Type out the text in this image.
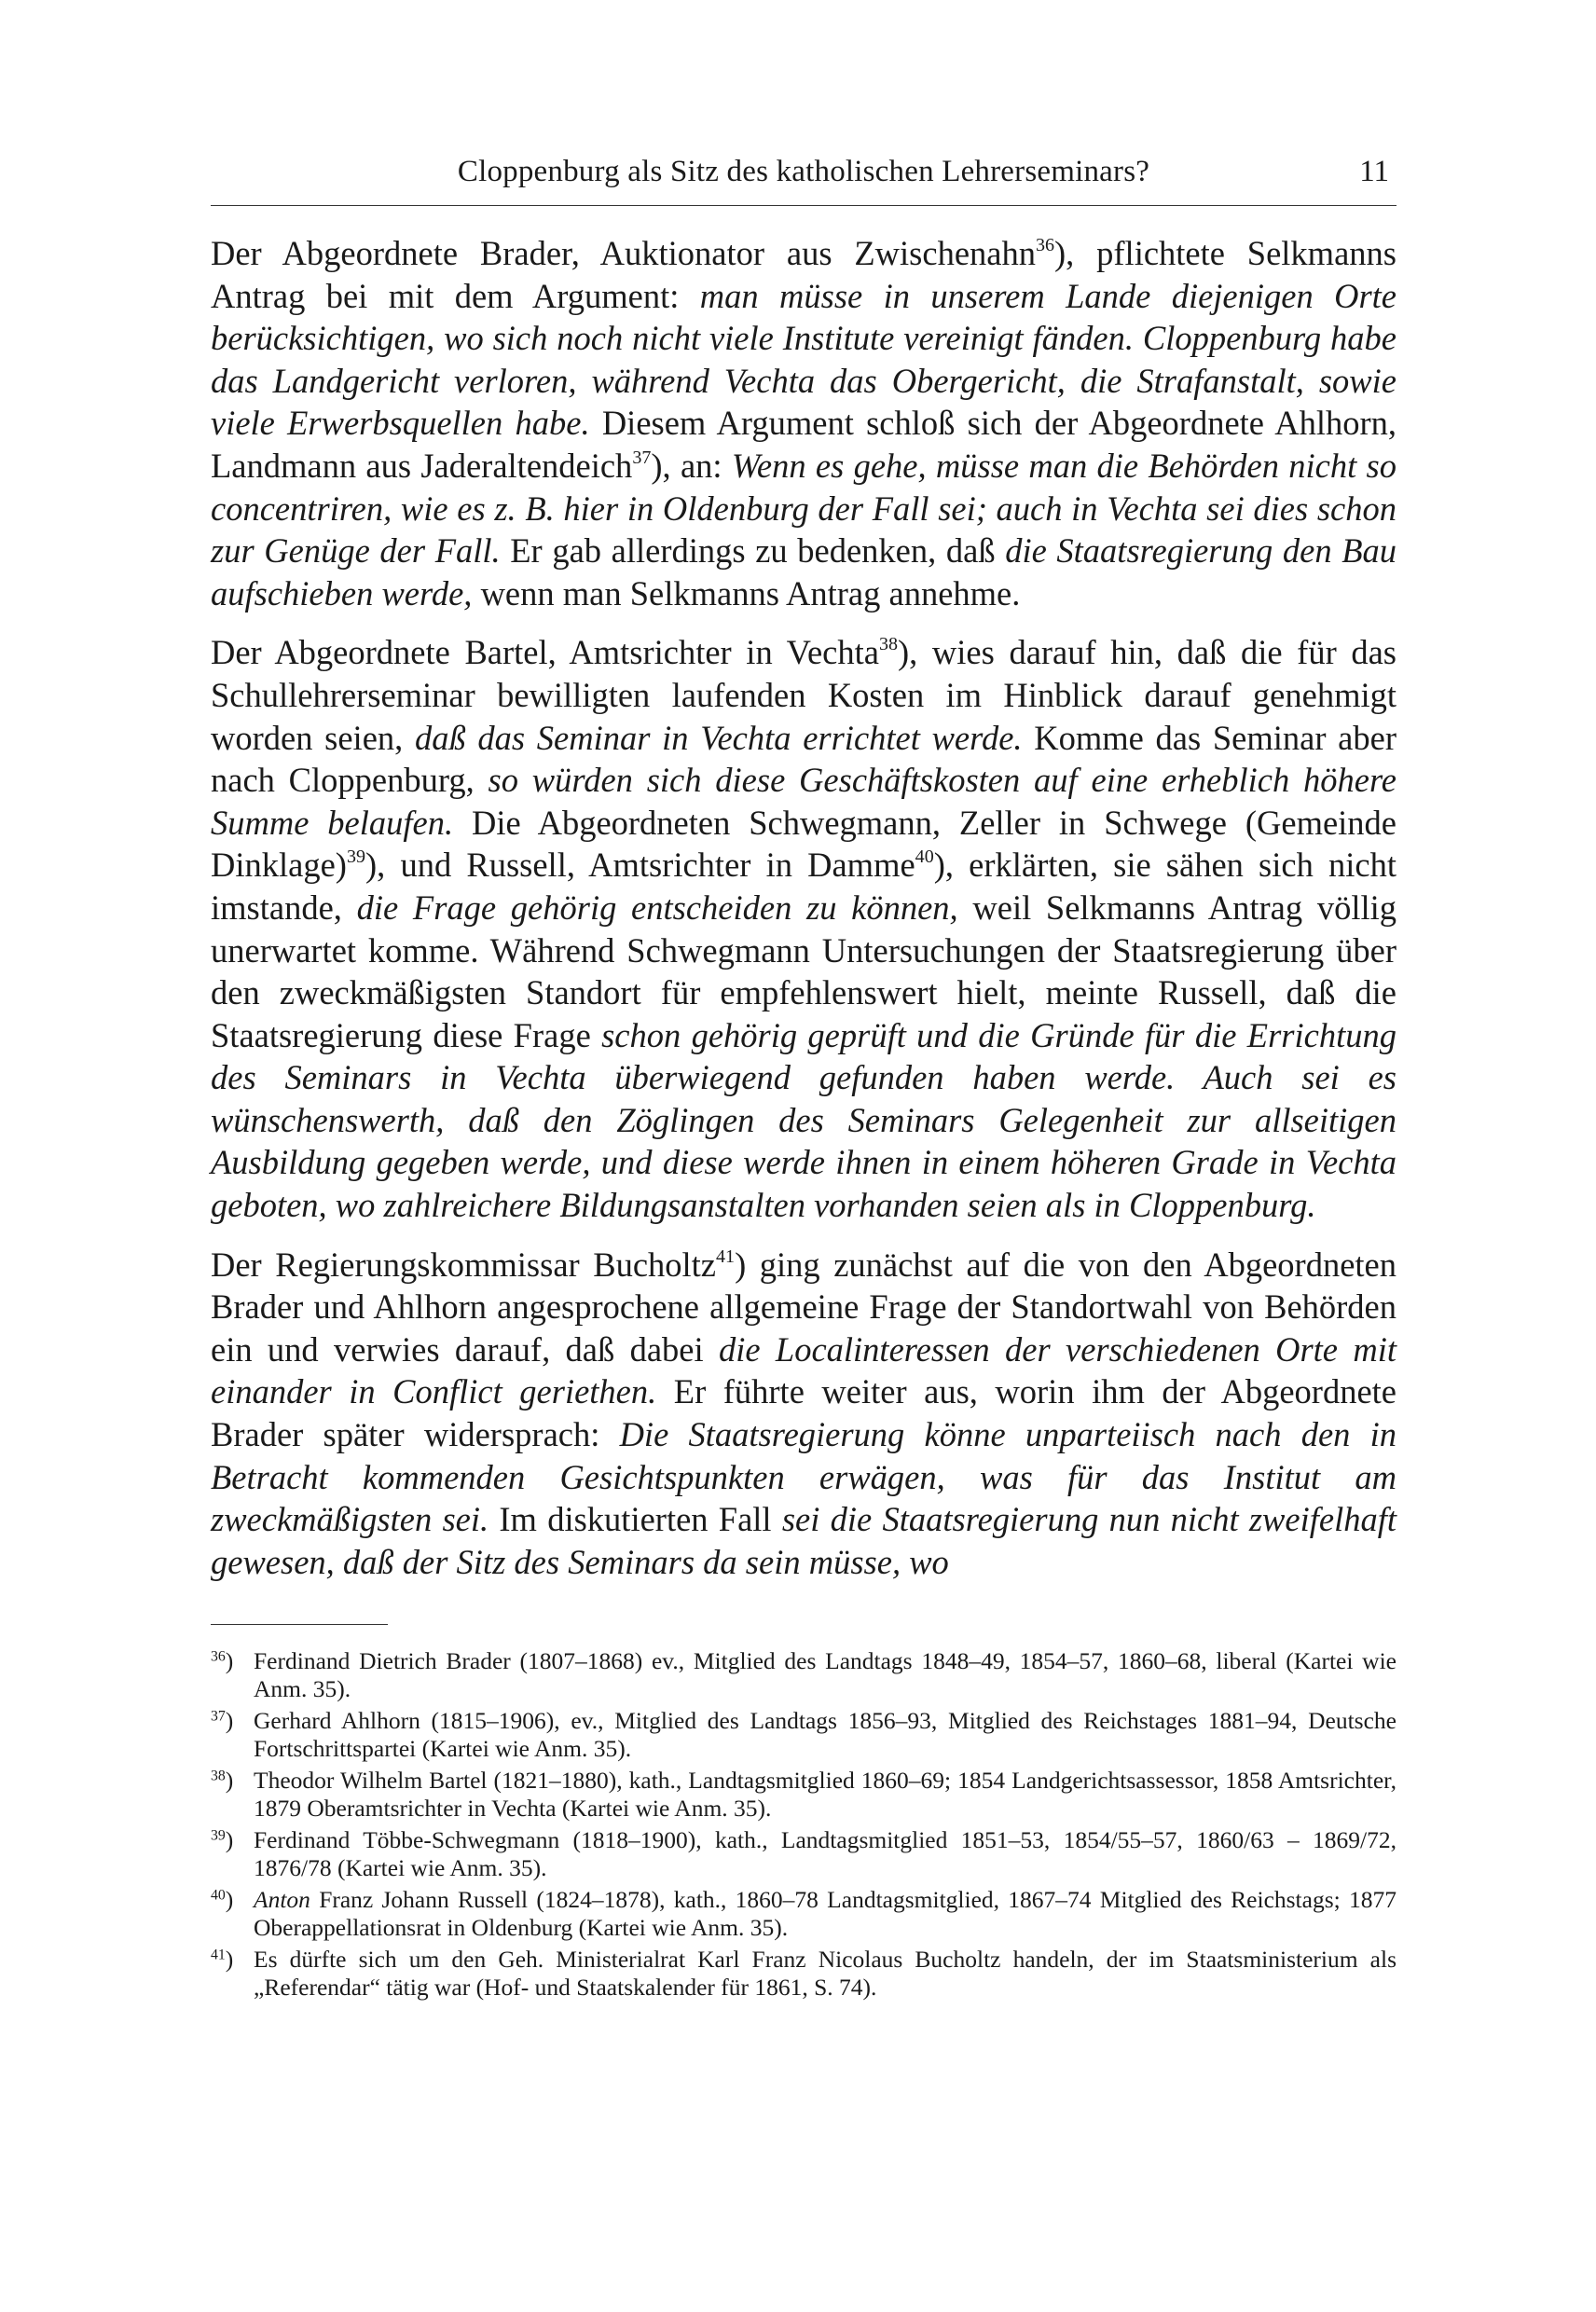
Cloppenburg als Sitz des katholischen Lehrerseminars?	11

Der Abgeordnete Brader, Auktionator aus Zwischenahn$^{36}$), pflichtete Selkmanns Antrag bei mit dem Argument: man müsse in unserem Lande diejenigen Orte berücksichtigen, wo sich noch nicht viele Institute vereinigt fänden. Cloppenburg habe das Landgericht verloren, während Vechta das Obergericht, die Strafanstalt, sowie viele Erwerbsquellen habe. Diesem Argument schloß sich der Abgeordnete Ahlhorn, Landmann aus Jaderaltendeich$^{37}$), an: Wenn es gehe, müsse man die Behörden nicht so concentriren, wie es z. B. hier in Oldenburg der Fall sei; auch in Vechta sei dies schon zur Genüge der Fall. Er gab allerdings zu bedenken, daß die Staatsregierung den Bau aufschieben werde, wenn man Selkmanns Antrag annehme.

Der Abgeordnete Bartel, Amtsrichter in Vechta$^{38}$), wies darauf hin, daß die für das Schullehrerseminar bewilligten laufenden Kosten im Hinblick darauf genehmigt worden seien, daß das Seminar in Vechta errichtet werde. Komme das Seminar aber nach Cloppenburg, so würden sich diese Geschäftskosten auf eine erheblich höhere Summe belaufen. Die Abgeordneten Schwegmann, Zeller in Schwege (Gemeinde Dinklage)$^{39}$), und Russell, Amtsrichter in Damme$^{40}$), erklärten, sie sähen sich nicht imstande, die Frage gehörig entscheiden zu können, weil Selkmanns Antrag völlig unerwartet komme. Während Schwegmann Untersuchungen der Staatsregierung über den zweckmäßigsten Standort für empfehlenswert hielt, meinte Russell, daß die Staatsregierung diese Frage schon gehörig geprüft und die Gründe für die Errichtung des Seminars in Vechta überwiegend gefunden haben werde. Auch sei es wünschenswerth, daß den Zöglingen des Seminars Gelegenheit zur allseitigen Ausbildung gegeben werde, und diese werde ihnen in einem höheren Grade in Vechta geboten, wo zahlreichere Bildungsanstalten vorhanden seien als in Cloppenburg.

Der Regierungskommissar Bucholtz$^{41}$) ging zunächst auf die von den Abgeordneten Brader und Ahlhorn angesprochene allgemeine Frage der Standortwahl von Behörden ein und verwies darauf, daß dabei die Localinteressen der verschiedenen Orte mit einander in Conflict geriethen. Er führte weiter aus, worin ihm der Abgeordnete Brader später widersprach: Die Staatsregierung könne unparteiisch nach den in Betracht kommenden Gesichtspunkten erwägen, was für das Institut am zweckmäßigsten sei. Im diskutierten Fall sei die Staatsregierung nun nicht zweifelhaft gewesen, daß der Sitz des Seminars da sein müsse, wo

$^{36}$) Ferdinand Dietrich Brader (1807–1868) ev., Mitglied des Landtags 1848–49, 1854–57, 1860–68, liberal (Kartei wie Anm. 35).
$^{37}$) Gerhard Ahlhorn (1815–1906), ev., Mitglied des Landtags 1856–93, Mitglied des Reichstages 1881–94, Deutsche Fortschrittspartei (Kartei wie Anm. 35).
$^{38}$) Theodor Wilhelm Bartel (1821–1880), kath., Landtagsmitglied 1860–69; 1854 Landgerichtsassessor, 1858 Amtsrichter, 1879 Oberamtsrichter in Vechta (Kartei wie Anm. 35).
$^{39}$) Ferdinand Többe-Schwegmann (1818–1900), kath., Landtagsmitglied 1851–53, 1854/55–57, 1860/63 – 1869/72, 1876/78 (Kartei wie Anm. 35).
$^{40}$) Anton Franz Johann Russell (1824–1878), kath., 1860–78 Landtagsmitglied, 1867–74 Mitglied des Reichstags; 1877 Oberappellationsrat in Oldenburg (Kartei wie Anm. 35).
$^{41}$) Es dürfte sich um den Geh. Ministerialrat Karl Franz Nicolaus Bucholtz handeln, der im Staatsministerium als „Referendar“ tätig war (Hof- und Staatskalender für 1861, S. 74).
